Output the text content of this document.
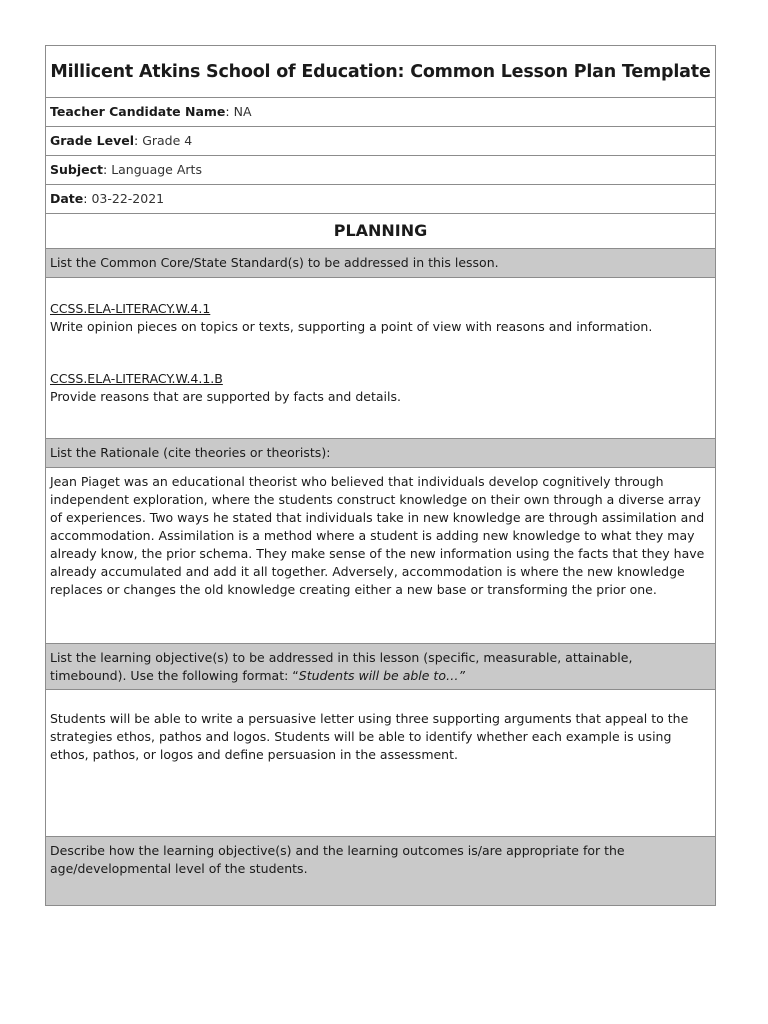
Millicent Atkins School of Education: Common Lesson Plan Template
Teacher Candidate Name: NA
Grade Level: Grade 4
Subject: Language Arts
Date: 03-22-2021
PLANNING
List the Common Core/State Standard(s) to be addressed in this lesson.

CCSS.ELA-LITERACY.W.4.1

Write opinion pieces on topics or texts, supporting a point of view with reasons and information.

CCSS.ELA-LITERACY.W.4.1.B

Provide reasons that are supported by facts and details.

List the Rationale (cite theories or theorists):
Jean Piaget was an educational theorist who believed that individuals develop cognitively through independent exploration, where the students construct knowledge on their own through a diverse array of experiences. Two ways he stated that individuals take in new knowledge are through assimilation and accommodation. Assimilation is a method where a student is adding new knowledge to what they may already know, the prior schema. They make sense of the new information using the facts that they have already accumulated and add it all together. Adversely, accommodation is where the new knowledge replaces or changes the old knowledge creating either a new base or transforming the prior one.
List the learning objective(s) to be addressed in this lesson (specific, measurable, attainable, timebound). Use the following format: “Students will be able to…”
Students will be able to write a persuasive letter using three supporting arguments that appeal to the strategies ethos, pathos and logos. Students will be able to identify whether each example is using ethos, pathos, or logos and define persuasion in the assessment.
Describe how the learning objective(s) and the learning outcomes is/are appropriate for the age/developmental level of the students.
